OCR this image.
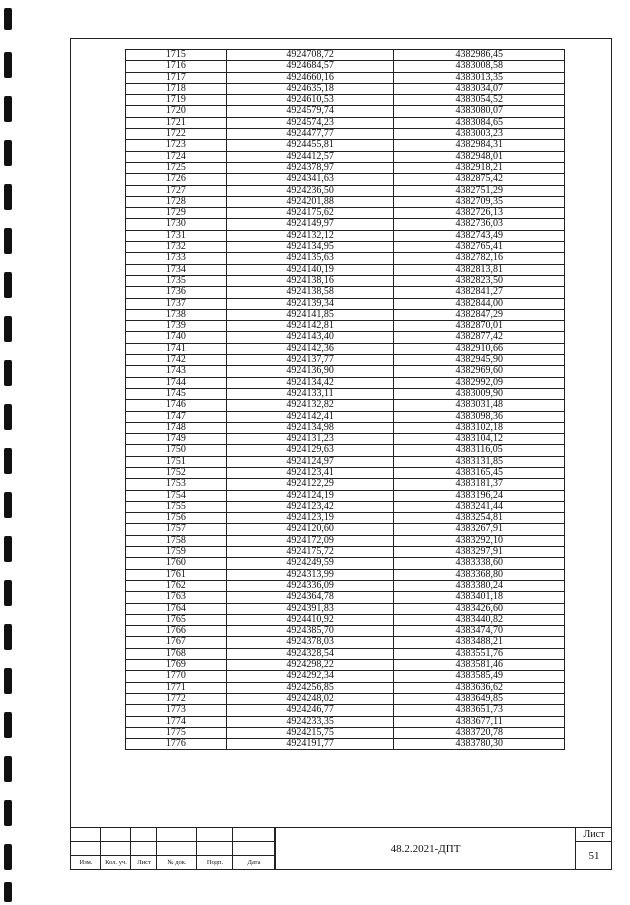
1715	4924708,72	4382986,45
1716	4924684,57	4383008,58
1717	4924660,16	4383013,35
1718	4924635,18	4383034,07
1719	4924610,53	4383054,52
1720	4924579,74	4383080,07
1721	4924574,23	4383084,65
1722	4924477,77	4383003,23
1723	4924455,81	4382984,31
1724	4924412,57	4382948,01
1725	4924378,97	4382918,21
1726	4924341,63	4382875,42
1727	4924236,50	4382751,29
1728	4924201,88	4382709,35
1729	4924175,62	4382726,13
1730	4924149,97	4382736,03
1731	4924132,12	4382743,49
1732	4924134,95	4382765,41
1733	4924135,63	4382782,16
1734	4924140,19	4382813,81
1735	4924138,16	4382823,50
1736	4924138,58	4382841,27
1737	4924139,34	4382844,00
1738	4924141,85	4382847,29
1739	4924142,81	4382870,01
1740	4924143,40	4382877,42
1741	4924142,36	4382910,66
1742	4924137,77	4382945,90
1743	4924136,90	4382969,60
1744	4924134,42	4382992,09
1745	4924133,11	4383009,90
1746	4924132,82	4383031,48
1747	4924142,41	4383098,36
1748	4924134,98	4383102,18
1749	4924131,23	4383104,12
1750	4924129,63	4383116,05
1751	4924124,97	4383131,85
1752	4924123,41	4383165,45
1753	4924122,29	4383181,37
1754	4924124,19	4383196,24
1755	4924123,42	4383241,44
1756	4924123,19	4383254,81
1757	4924120,60	4383267,91
1758	4924172,09	4383292,10
1759	4924175,72	4383297,91
1760	4924249,59	4383338,60
1761	4924313,99	4383368,80
1762	4924336,09	4383380,24
1763	4924364,78	4383401,18
1764	4924391,83	4383426,60
1765	4924410,92	4383440,82
1766	4924385,70	4383474,70
1767	4924378,03	4383488,21
1768	4924328,54	4383551,76
1769	4924298,22	4383581,46
1770	4924292,34	4383585,49
1771	4924256,85	4383636,62
1772	4924248,02	4383649,85
1773	4924246,77	4383651,73
1774	4924233,35	4383677,11
1775	4924215,75	4383720,78
1776	4924191,77	4383780,30
Изм.	Кол. уч.	Лист	№ док.	Подп.	Дата
48.2.2021-ДПТ
Лист
51
